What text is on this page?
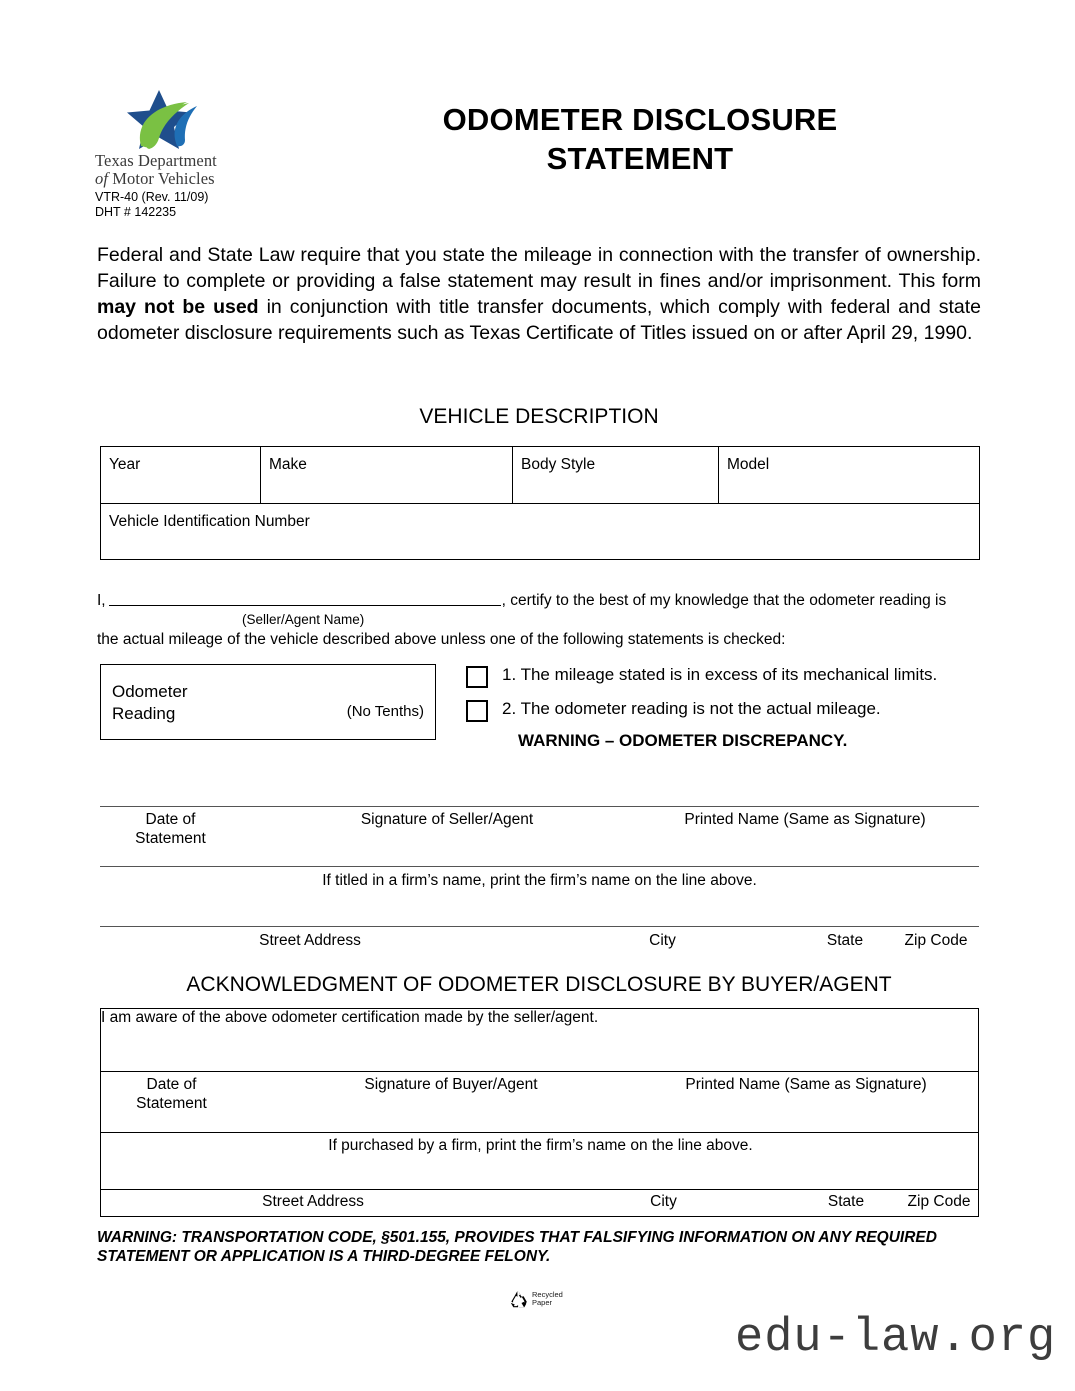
Texas Department
of Motor Vehicles
VTR-40 (Rev. 11/09)
DHT # 142235
ODOMETER DISCLOSURE
STATEMENT
Federal and State Law require that you state the mileage in connection with the transfer of ownership. Failure to complete or providing a false statement may result in fines and/or imprisonment. This form may not be used in conjunction with title transfer documents, which comply with federal and state odometer disclosure requirements such as Texas Certificate of Titles issued on or after April 29, 1990.
VEHICLE DESCRIPTION
Year	Make	Body Style	Model
Vehicle Identification Number
I,	, certify to the best of my knowledge that the odometer reading is
(Seller/Agent Name)
the actual mileage of the vehicle described above unless one of the following statements is checked:
Odometer
Reading	(No Tenths)
1. The mileage stated is in excess of its mechanical limits.
2. The odometer reading is not the actual mileage.
WARNING – ODOMETER DISCREPANCY.
Date of
Statement
Signature of Seller/Agent	Printed Name (Same as Signature)
If titled in a firm’s name, print the firm’s name on the line above.
Street Address	City	State	Zip Code
ACKNOWLEDGMENT OF ODOMETER DISCLOSURE BY BUYER/AGENT
I am aware of the above odometer certification made by the seller/agent.

Date of
Statement
Signature of Buyer/Agent	Printed Name (Same as Signature)

If purchased by a firm, print the firm’s name on the line above.

Street Address	City	State	Zip Code
WARNING: TRANSPORTATION CODE, §501.155, PROVIDES THAT FALSIFYING INFORMATION ON ANY REQUIRED
STATEMENT OR APPLICATION IS A THIRD-DEGREE FELONY.
Recycled
Paper
edu-law.org
